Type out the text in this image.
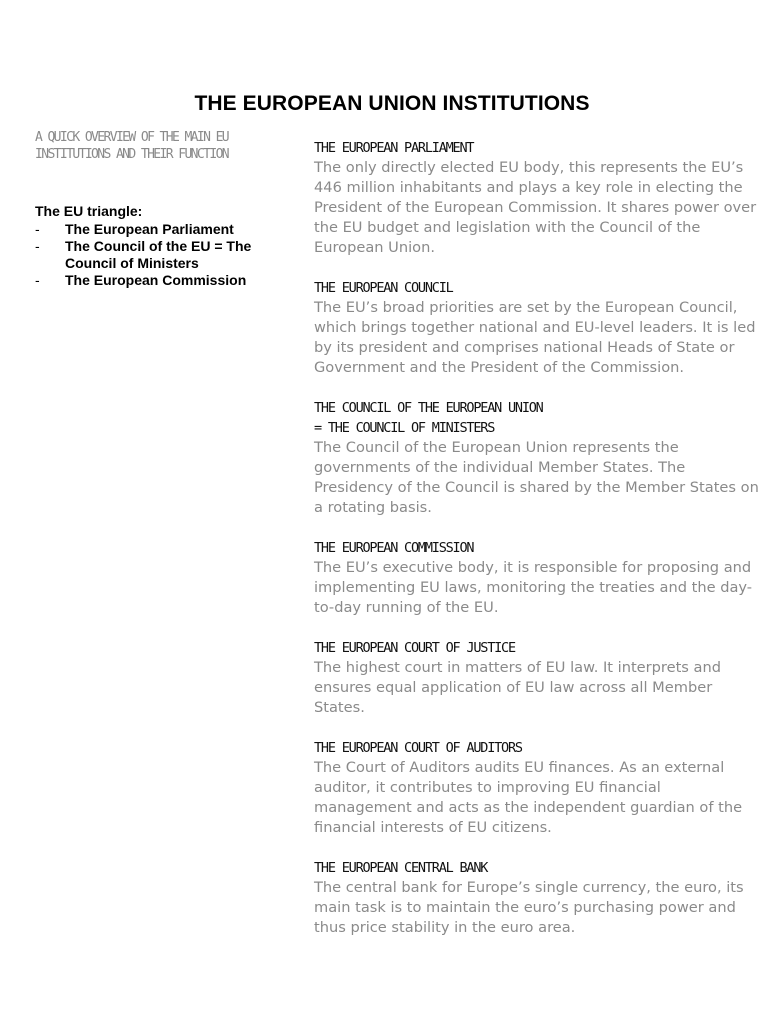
THE EUROPEAN UNION INSTITUTIONS

A QUICK OVERVIEW OF THE MAIN EU INSTITUTIONS AND THEIR FUNCTION

The EU triangle:

- The European Parliament
- The Council of the EU = The Council of Ministers
- The European Commission

THE EUROPEAN PARLIAMENT

The only directly elected EU body, this represents the EU’s 446 million inhabitants and plays a key role in electing the President of the European Commission. It shares power over the EU budget and legislation with the Council of the European Union.

THE EUROPEAN COUNCIL

The EU’s broad priorities are set by the European Council, which brings together national and EU-level leaders. It is led by its president and comprises national Heads of State or Government and the President of the Commission.

THE COUNCIL OF THE EUROPEAN UNION
= THE COUNCIL OF MINISTERS

The Council of the European Union represents the governments of the individual Member States. The Presidency of the Council is shared by the Member States on a rotating basis.

THE EUROPEAN COMMISSION

The EU’s executive body, it is responsible for proposing and implementing EU laws, monitoring the treaties and the day-to-day running of the EU.

THE EUROPEAN COURT OF JUSTICE

The highest court in matters of EU law. It interprets and ensures equal application of EU law across all Member States.

THE EUROPEAN COURT OF AUDITORS

The Court of Auditors audits EU finances. As an external auditor, it contributes to improving EU financial management and acts as the independent guardian of the financial interests of EU citizens.

THE EUROPEAN CENTRAL BANK

The central bank for Europe’s single currency, the euro, its main task is to maintain the euro’s purchasing power and thus price stability in the euro area.
